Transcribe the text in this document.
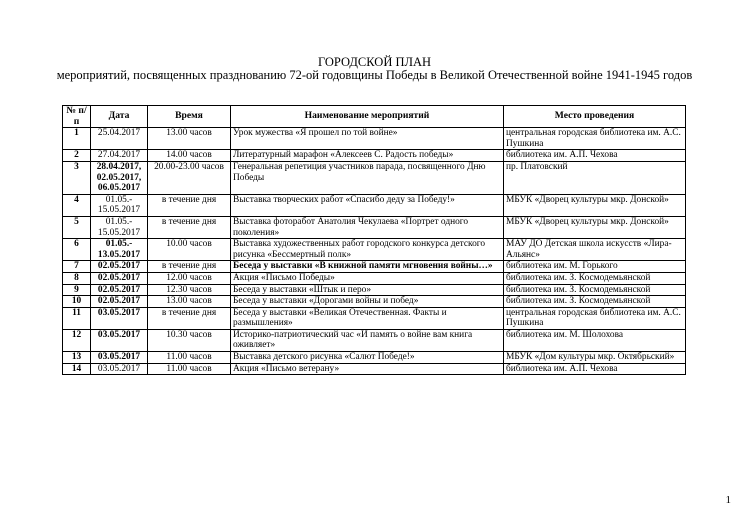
ГОРОДСКОЙ ПЛАН
мероприятий, посвященных празднованию 72-ой годовщины Победы в Великой Отечественной войне 1941-1945 годов
№ п/п	Дата	Время	Наименование мероприятий	Место проведения
1	25.04.2017	13.00 часов	Урок мужества «Я прошел по той войне»	центральная городская библиотека им. А.С. Пушкина
2	27.04.2017	14.00 часов	Литературный марафон «Алексеев С. Радость победы»	библиотека им. А.П. Чехова
3	28.04.2017, 02.05.2017, 06.05.2017	20.00-23.00 часов	Генеральная репетиция участников парада, посвященного Дню Победы	пр. Платовский
4	01.05.- 15.05.2017	в течение дня	Выставка творческих работ «Спасибо деду за Победу!»	МБУК «Дворец культуры мкр. Донской»
5	01.05.- 15.05.2017	в течение дня	Выставка фоторабот Анатолия Чекулаева «Портрет одного поколения»	МБУК «Дворец культуры мкр. Донской»
6	01.05.- 13.05.2017	10.00 часов	Выставка художественных работ городского конкурса детского рисунка «Бессмертный полк»	МАУ ДО Детская школа искусств «Лира-Альянс»
7	02.05.2017	в течение дня	Беседа у выставки «В книжной памяти мгновения войны…»	библиотека им. М. Горького
8	02.05.2017	12.00 часов	Акция «Письмо Победы»	библиотека им. З. Космодемьянской
9	02.05.2017	12.30 часов	Беседа у выставки «Штык и перо»	библиотека им. З. Космодемьянской
10	02.05.2017	13.00 часов	Беседа у выставки «Дорогами войны и побед»	библиотека им. З. Космодемьянской
11	03.05.2017	в течение дня	Беседа у выставки «Великая Отечественная. Факты и размышления»	центральная городская библиотека им. А.С. Пушкина
12	03.05.2017	10.30 часов	Историко-патриотический час «И память о войне вам книга оживляет»	библиотека им. М. Шолохова
13	03.05.2017	11.00 часов	Выставка детского рисунка «Салют Победе!»	МБУК «Дом культуры мкр. Октябрьский»
14	03.05.2017	11.00 часов	Акция «Письмо ветерану»	библиотека им. А.П. Чехова
1
